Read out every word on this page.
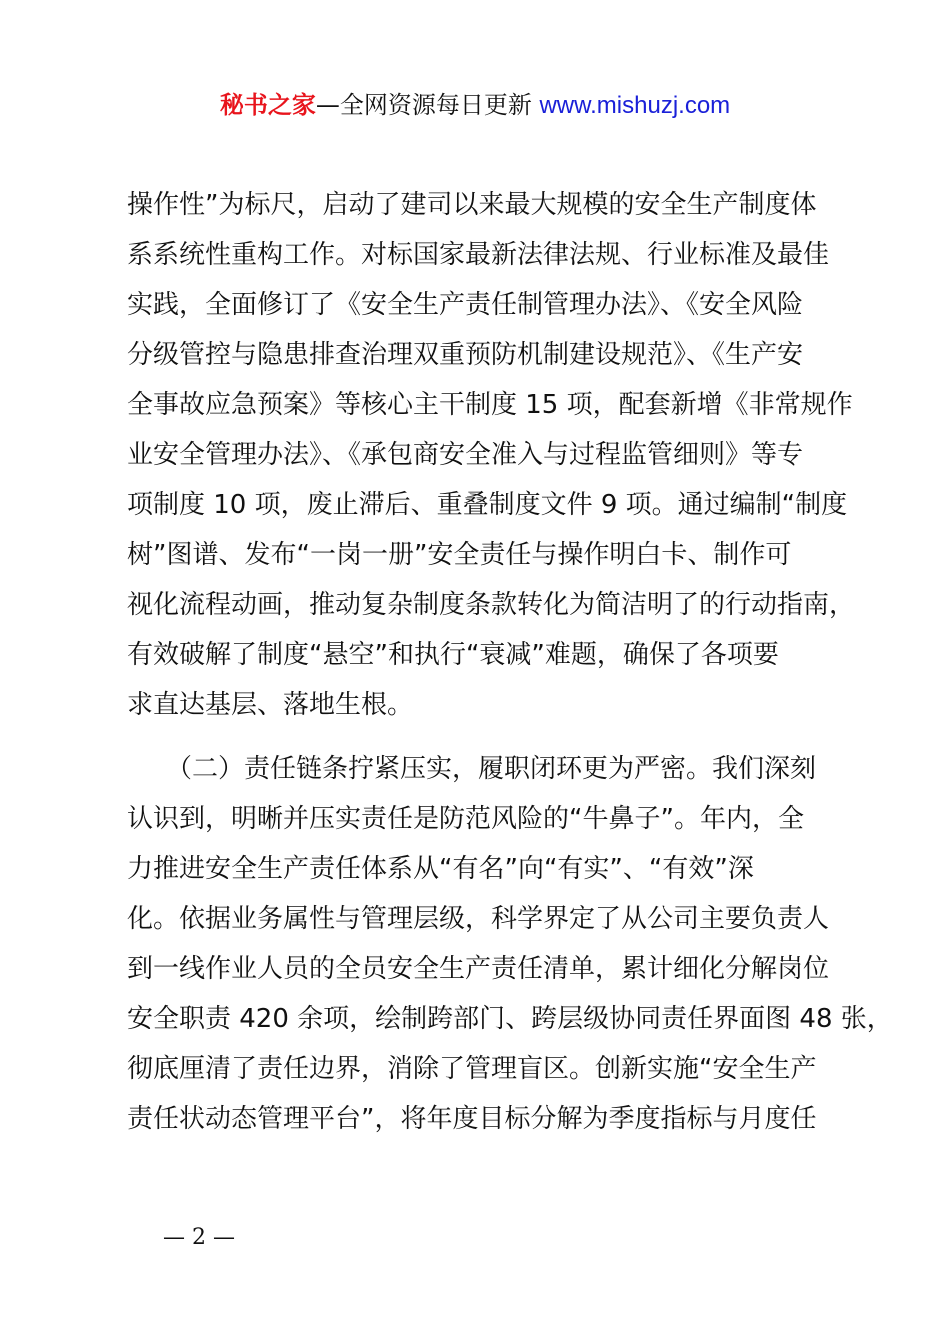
秘书之家—全网资源每日更新 www.mishuzj.com
操作性”为标尺，启动了建司以来最大规模的安全生产制度体
系系统性重构工作。对标国家最新法律法规、行业标准及最佳
实践，全面修订了《安全生产责任制管理办法》、《安全风险
分级管控与隐患排查治理双重预防机制建设规范》、《生产安
全事故应急预案》等核心主干制度 15 项，配套新增《非常规作
业安全管理办法》、《承包商安全准入与过程监管细则》等专
项制度 10 项，废止滞后、重叠制度文件 9 项。通过编制“制度
树”图谱、发布“一岗一册”安全责任与操作明白卡、制作可
视化流程动画，推动复杂制度条款转化为简洁明了的行动指南，
有效破解了制度“悬空”和执行“衰减”难题，确保了各项要
求直达基层、落地生根。
　　（二）责任链条拧紧压实，履职闭环更为严密。我们深刻
认识到，明晰并压实责任是防范风险的“牛鼻子”。年内，全
力推进安全生产责任体系从“有名”向“有实”、“有效”深
化。依据业务属性与管理层级，科学界定了从公司主要负责人
到一线作业人员的全员安全生产责任清单，累计细化分解岗位
安全职责 420 余项，绘制跨部门、跨层级协同责任界面图 48 张，
彻底厘清了责任边界，消除了管理盲区。创新实施“安全生产
责任状动态管理平台”，将年度目标分解为季度指标与月度任
— 2 —
